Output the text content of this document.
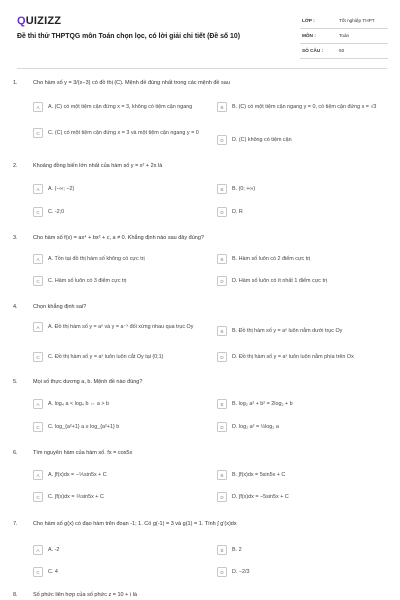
QUIZIZZ
Đề thi thử THPTQG môn Toán chọn lọc, có lời giải chi tiết (Đề số 10)
LỚP :	Tốt nghiệp THPT
MÔN :	Toán
SỐ CÂU :	50
1.	Cho hàm số y = 3/(x−3) có đồ thị (C). Mệnh đề đúng nhất trong các mệnh đề sau
A	A. (C) có một tiệm cận đứng x = 3, không có tiệm cận ngang	B	B. (C) có một tiệm cận ngang y = 0, có tiệm cận đứng x = √3
C	C. (C) có một tiệm cận đứng x = 3 và một tiệm cận ngang y = 0
D	D. (C) không có tiệm cận
2.	Khoảng đồng biến lớn nhất của hàm số y = x² + 2x là
A	A. (−∞; −2)	B	B. (0; +∞)
C	C. -2;0	D	D. R
3.	Cho hàm số f(x) = ax⁴ + bx² + c, a ≠ 0. Khẳng định nào sau đây đúng?
A	A. Tồn tại đồ thị hàm số không có cực trị	B	B. Hàm số luôn có 2 điểm cực trị
C	C. Hàm số luôn có 3 điểm cực trị	D	D. Hàm số luôn có ít nhất 1 điểm cực trị
4.	Chọn khẳng định sai?
A	A. Đồ thị hàm số y = aˣ và y = a⁻ˣ đối xứng nhau qua trục Oy
B	B. Đồ thị hàm số y = aˣ luôn nằm dưới trục Oy
C	C. Đồ thị hàm số y = aˣ luôn luôn cắt Oy tại (0;1)	D	D. Đồ thị hàm số y = aˣ luôn luôn nằm phía trên Ox
5.	Mọi số thực dương a, b. Mệnh đề nào đúng?
A	A. log₄ a < log₄ b ⇔ a > b	B	B. log₂ a² + b² = 2log₂ + b
C	C. log_{a²+1} a ≥ log_{a²+1} b	D	D. log₂ a² = ½log₂ a
6.	Tìm nguyên hàm của hàm số. fx = cos5x
A	A. ∫f(x)dx = −⅕sin5x + C	B	B. ∫f(x)dx = 5sin5x + C
C	C. ∫f(x)dx = ⅕sin5x + C	D	D. ∫f(x)dx = −5sin5x + C
7.	Cho hàm số g(x) có đạo hàm trên đoạn -1; 1. Có g(-1) = 3 và g(1) = 1. Tính ∫ g'(x)dx
A	A. -2	B	B. 2
C	C. 4	D	D. −2/3
8.	Số phức liên hợp của số phức z = 10 + i là
